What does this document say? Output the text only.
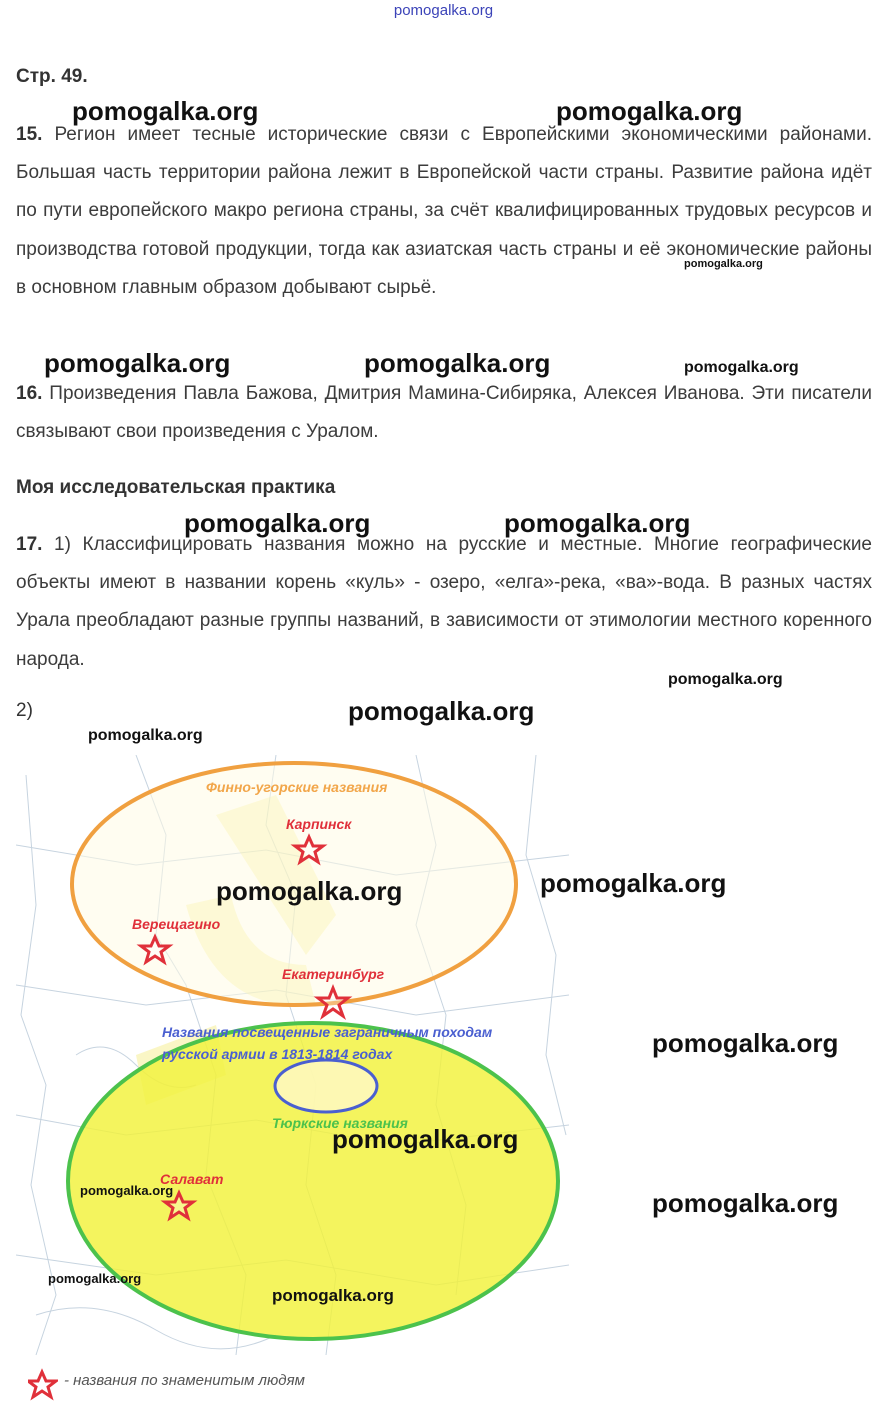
pomogalka.org
Стр. 49.
15. Регион имеет тесные исторические связи с Европейскими экономическими районами. Большая часть территории района лежит в Европейской части страны. Развитие района идёт по пути европейского макро региона страны, за счёт квалифицированных трудовых ресурсов и производства готовой продукции, тогда как азиатская часть страны и её экономические районы в основном главным образом добывают сырьё.
16. Произведения Павла Бажова, Дмитрия Мамина-Сибиряка, Алексея Иванова. Эти писатели связывают свои произведения с Уралом.
Моя исследовательская практика
17. 1) Классифицировать названия можно на русские и местные. Многие географические объекты имеют в названии корень «куль» - озеро, «елга»-река, «ва»-вода. В разных частях Урала преобладают разные группы названий, в зависимости от этимологии местного коренного народа.
2)
Финно-угорские названия
Карпинск
Верещагино
Екатеринбург
Названия посвещенные заграничным походам
русской армии в 1813-1814 годах
Тюркские названия
Салават
- названия по знаменитым людям
pomogalka.org	pomogalka.org
pomogalka.org
pomogalka.org	pomogalka.org	pomogalka.org
pomogalka.org	pomogalka.org
pomogalka.org
pomogalka.org
pomogalka.org
pomogalka.org
pomogalka.org
pomogalka.org
pomogalka.org
pomogalka.org	pomogalka.org
pomogalka.org
pomogalka.org
